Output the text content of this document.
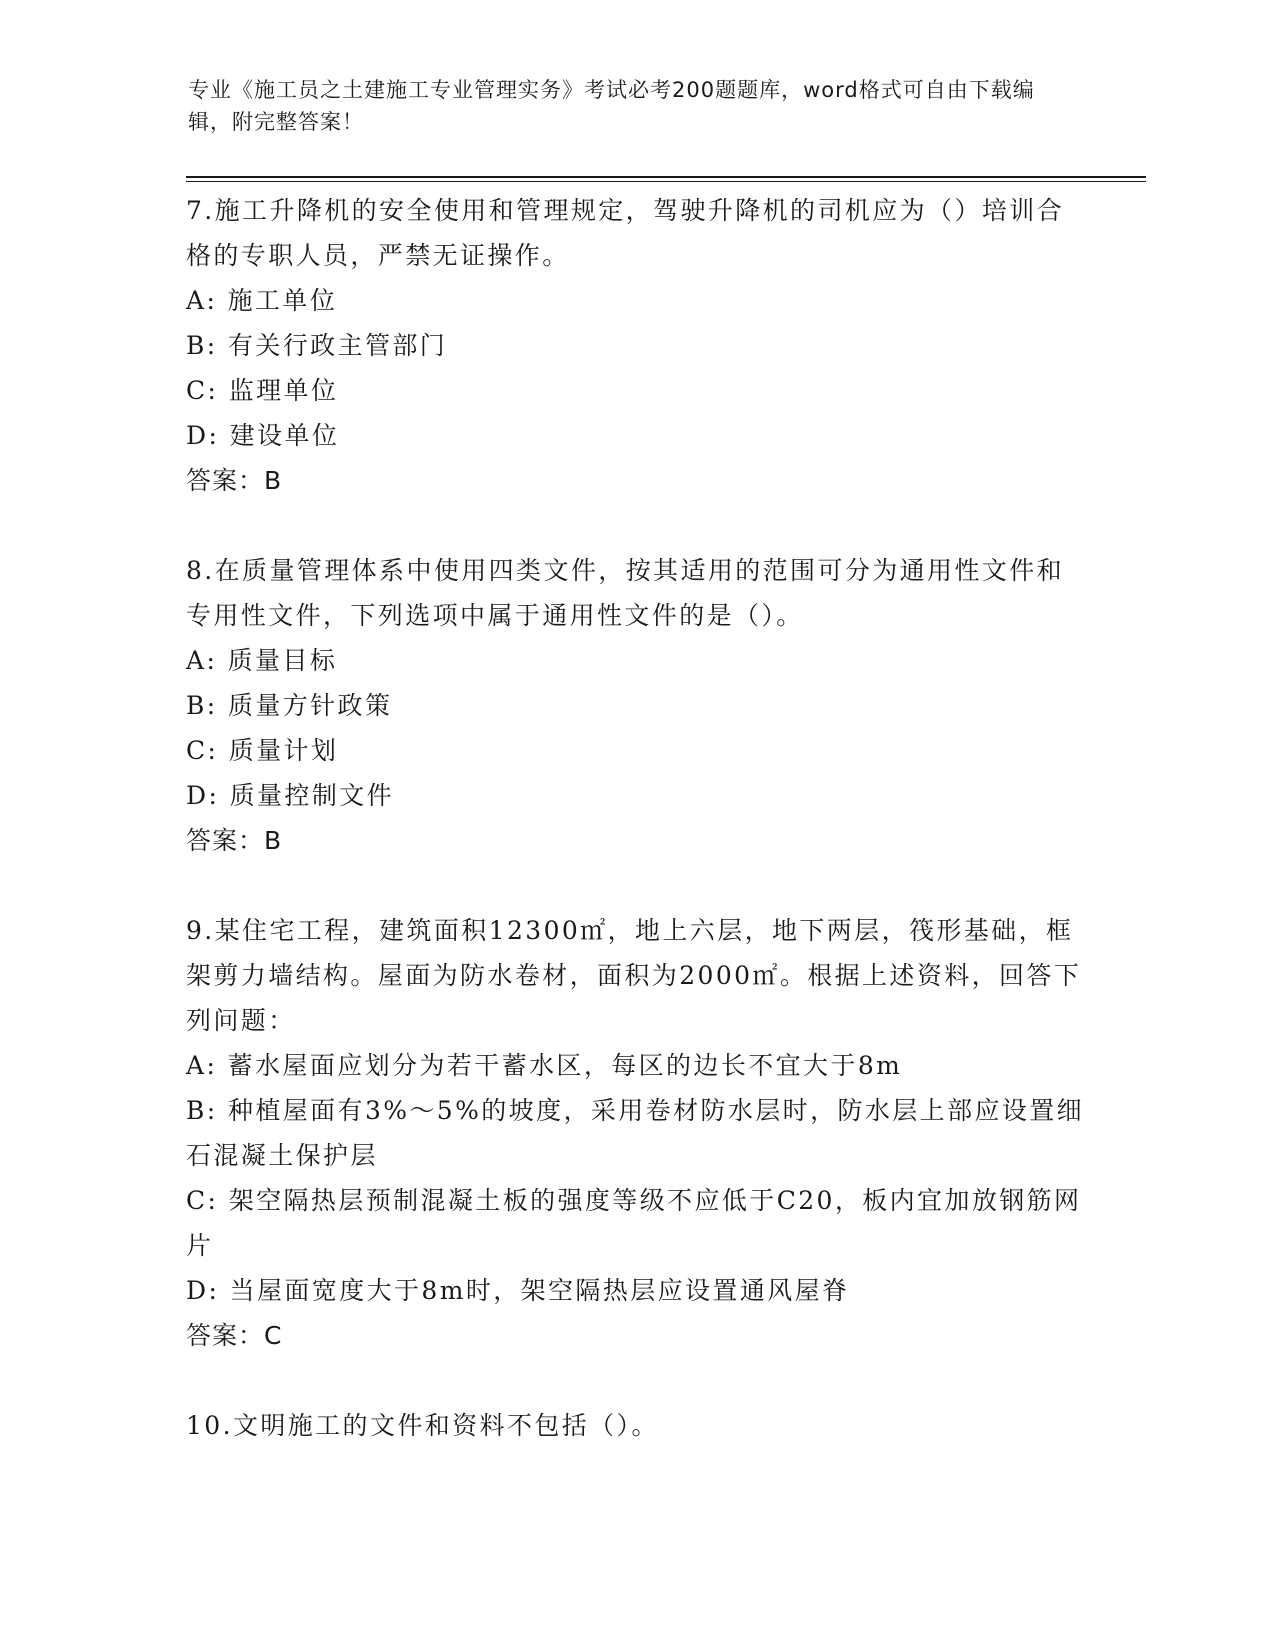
专业《施工员之土建施工专业管理实务》考试必考200题题库，word格式可自由下载编辑，附完整答案！

7.施工升降机的安全使用和管理规定，驾驶升降机的司机应为（）培训合格的专职人员，严禁无证操作。

A: 施工单位

B: 有关行政主管部门

C: 监理单位

D: 建设单位

答案：B

8.在质量管理体系中使用四类文件，按其适用的范围可分为通用性文件和专用性文件，下列选项中属于通用性文件的是（）。

A: 质量目标

B: 质量方针政策

C: 质量计划

D: 质量控制文件

答案：B

9.某住宅工程，建筑面积12300㎡，地上六层，地下两层，筏形基础，框架剪力墙结构。屋面为防水卷材，面积为2000㎡。根据上述资料，回答下列问题：

A: 蓄水屋面应划分为若干蓄水区，每区的边长不宜大于8m

B: 种植屋面有3%～5%的坡度，采用卷材防水层时，防水层上部应设置细石混凝土保护层

C: 架空隔热层预制混凝土板的强度等级不应低于C20，板内宜加放钢筋网片

D: 当屋面宽度大于8m时，架空隔热层应设置通风屋脊

答案：C

10.文明施工的文件和资料不包括（）。
